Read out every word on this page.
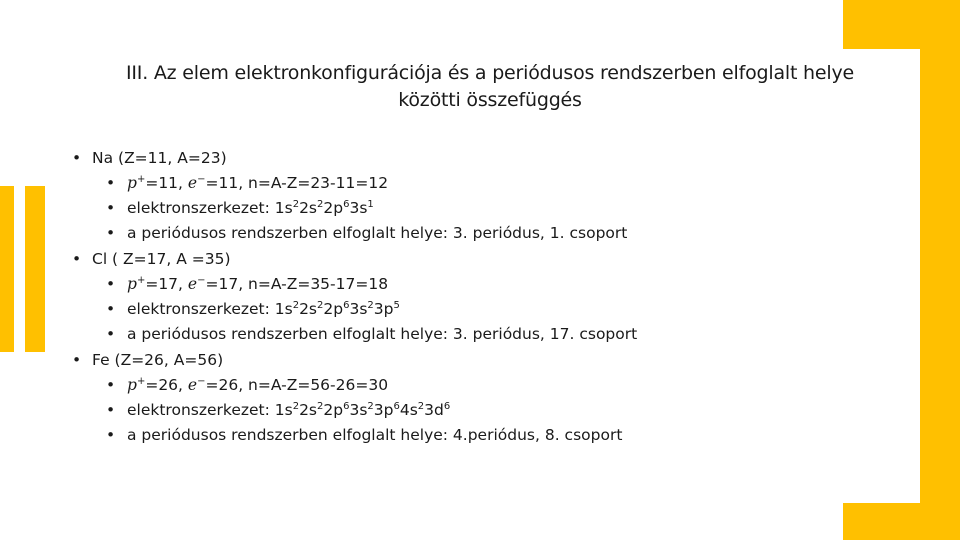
III. Az elem elektronkonfigurációja és a periódusos rendszerben elfoglalt helye
közötti összefüggés
• Na (Z=11, A=23)
• p+=11, e−=11, n=A-Z=23-11=12
• elektronszerkezet: $1s^22s^22p^63s^1$
• a periódusos rendszerben elfoglalt helye: 3. periódus, 1. csoport
• Cl ( Z=17, A =35)
• p+=17, e−=17, n=A-Z=35-17=18
• elektronszerkezet: $1s^22s^22p^63s^23p^5$
• a periódusos rendszerben elfoglalt helye: 3. periódus, 17. csoport
• Fe (Z=26, A=56)
• p+=26, e−=26, n=A-Z=56-26=30
• elektronszerkezet: $1s^22s^22p^63s^23p^64s^23d^6$
• a periódusos rendszerben elfoglalt helye: 4.periódus, 8. csoport
